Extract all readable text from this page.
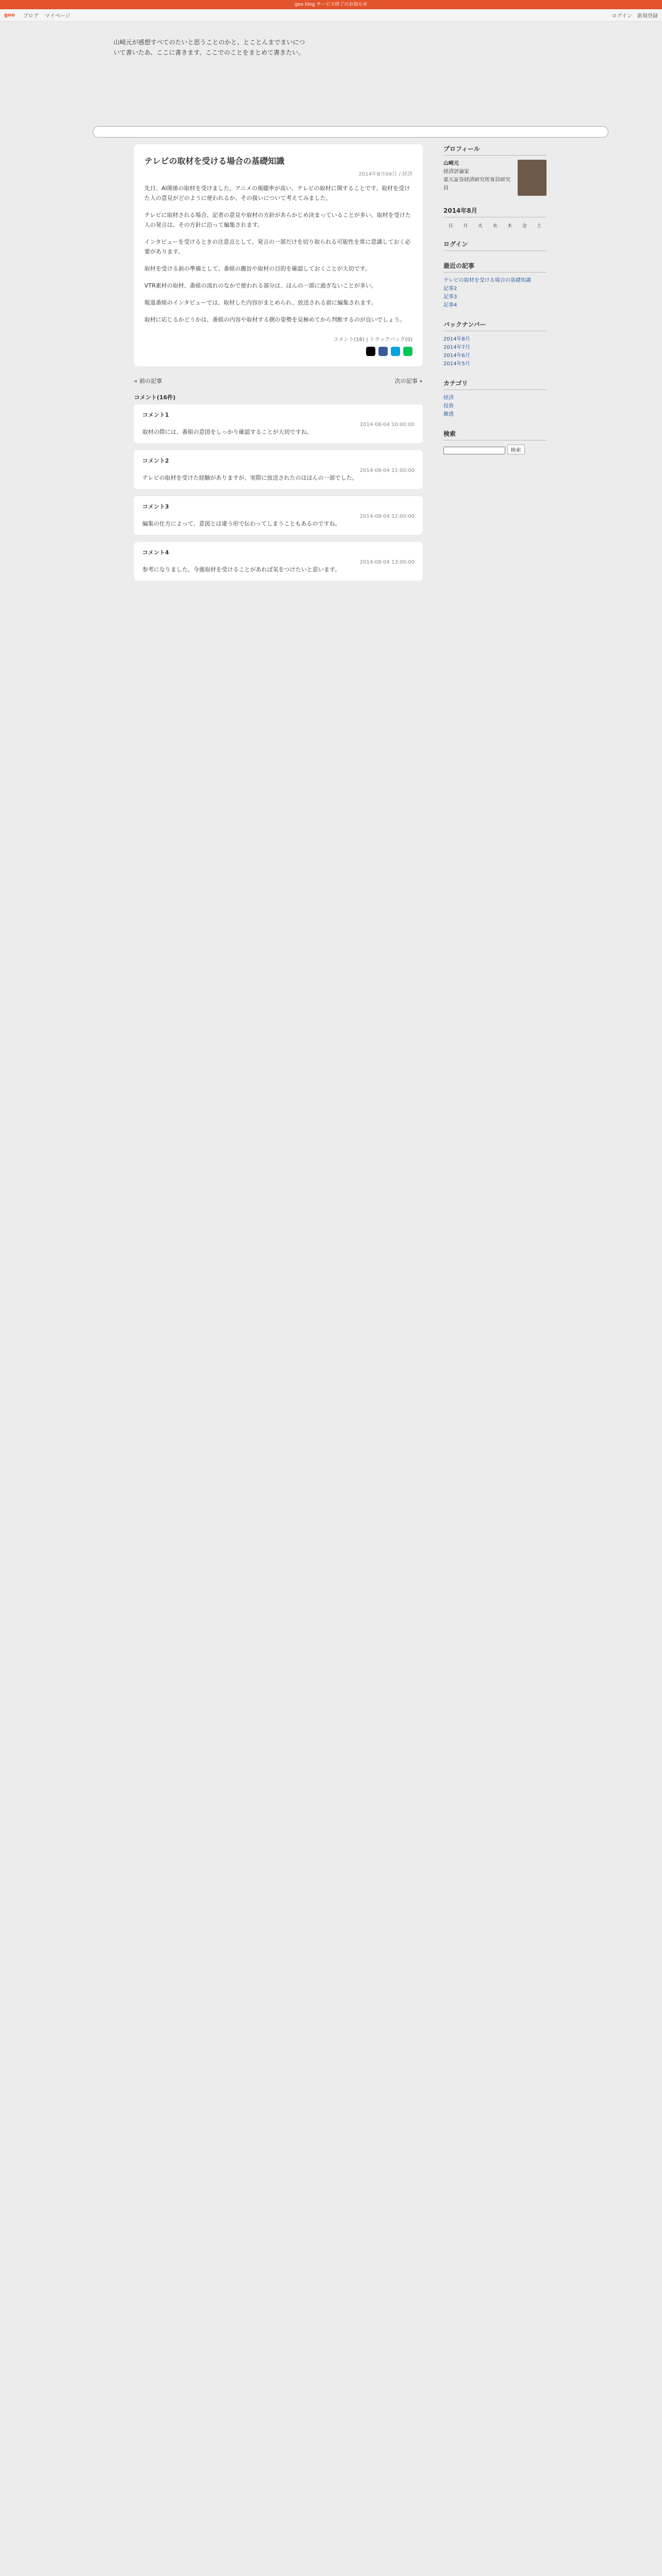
goo blog サービス終了のお知らせ
goo ブログ マイページ	ログイン 新規登録
山崎元が感想すべてのたいと思うことのかと、とことんまでまいについて書いたあ、ここに書きます、ここでのことをまとめて書きたい。
テレビの取材を受ける場合の基礎知識
2014年8月04日 / 経済

先日、AI関係の取材を受けました。アニメの視聴率が高い、テレビの取材に関することです。取材を受けた人の意見がどのように使われるか、その扱いについて考えてみました。

テレビに取材される場合、記者の意見や取材の方針があらかじめ決まっていることが多い。取材を受けた人の発言は、その方針に沿って編集されます。

インタビューを受けるときの注意点として、発言の一部だけを切り取られる可能性を常に意識しておく必要があります。

取材を受ける前の準備として、番組の趣旨や取材の目的を確認しておくことが大切です。

VTR素材の取材、番組の流れのなかで使われる部分は、ほんの一部に過ぎないことが多い。

報道番組のインタビューでは、取材した内容がまとめられ、放送される前に編集されます。

取材に応じるかどうかは、番組の内容や取材する側の姿勢を見極めてから判断するのが良いでしょう。

コメント(16) | トラックバック(0)
« 前の記事	次の記事 »
コメント(16件)
コメント1
2014-08-04 10:00:00
取材の際には、番組の意図をしっかり確認することが大切ですね。
コメント2
2014-08-04 11:00:00
テレビの取材を受けた経験がありますが、実際に放送されたのはほんの一部でした。
コメント3
2014-08-04 12:00:00
編集の仕方によって、意図とは違う形で伝わってしまうこともあるのですね。
コメント4
2014-08-04 13:00:00
参考になりました。今後取材を受けることがあれば気をつけたいと思います。
プロフィール
山崎元
経済評論家
楽天証券経済研究所客員研究員
2014年8月
日	月	火	水	木	金	土
ログイン
最近の記事
テレビの取材を受ける場合の基礎知識
記事2
記事3
記事4
バックナンバー
2014年8月
2014年7月
2014年6月
2014年5月
カテゴリ
経済
投資
雑感
検索
検索
